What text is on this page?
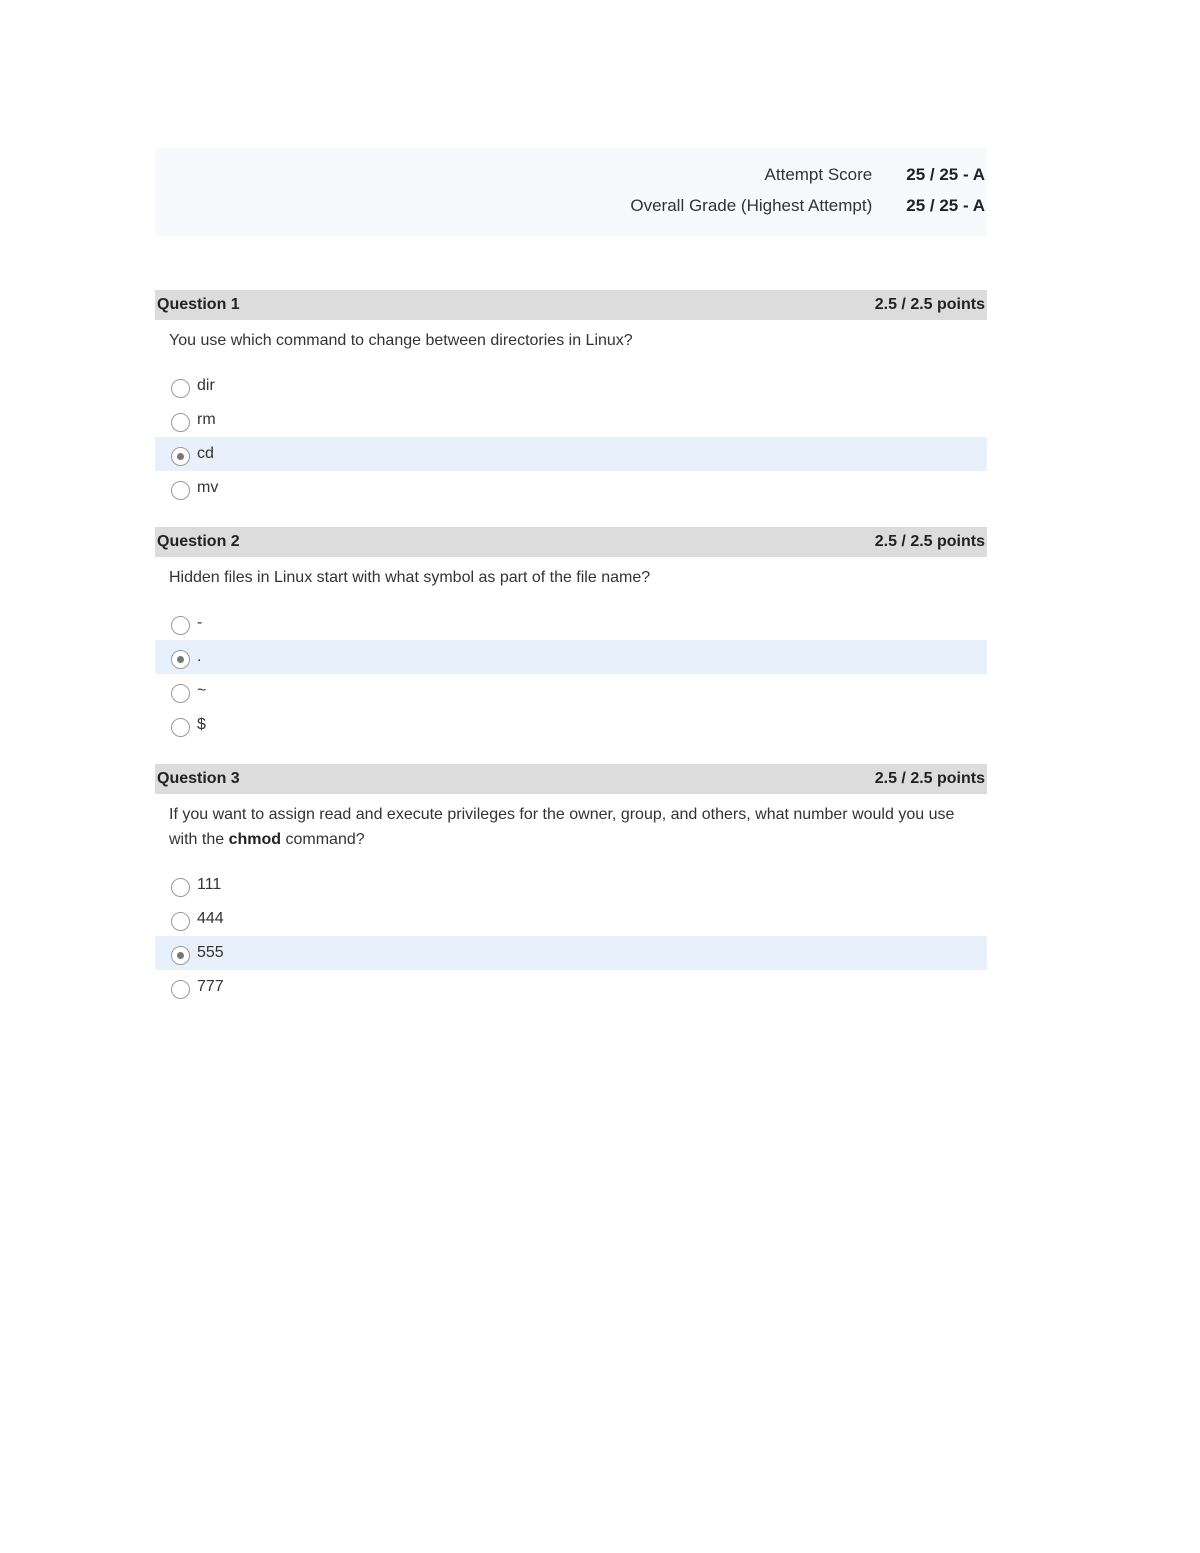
Attempt Score 25 / 25 - A
Overall Grade (Highest Attempt) 25 / 25 - A
Question 1	2.5 / 2.5 points
You use which command to change between directories in Linux?
dir
rm
cd
mv
Question 2	2.5 / 2.5 points
Hidden files in Linux start with what symbol as part of the file name?
-
.
~
$
Question 3	2.5 / 2.5 points
If you want to assign read and execute privileges for the owner, group, and others, what number would you use with the chmod command?
111
444
555
777
